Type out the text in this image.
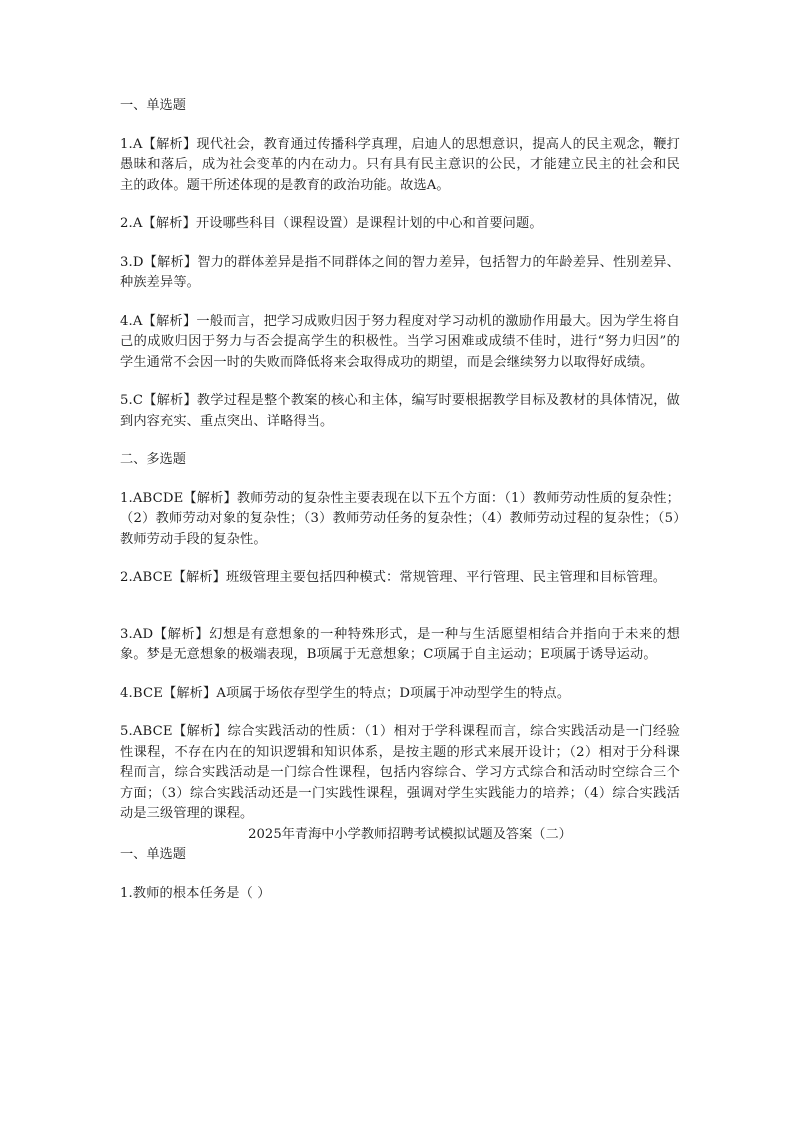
一、单选题

1.A【解析】现代社会，教育通过传播科学真理，启迪人的思想意识，提高人的民主观念，鞭打愚昧和落后，成为社会变革的内在动力。只有具有民主意识的公民，才能建立民主的社会和民主的政体。题干所述体现的是教育的政治功能。故选A。

2.A【解析】开设哪些科目（课程设置）是课程计划的中心和首要问题。

3.D【解析】智力的群体差异是指不同群体之间的智力差异，包括智力的年龄差异、性别差异、种族差异等。

4.A【解析】一般而言，把学习成败归因于努力程度对学习动机的激励作用最大。因为学生将自己的成败归因于努力与否会提高学生的积极性。当学习困难或成绩不佳时，进行“努力归因”的学生通常不会因一时的失败而降低将来会取得成功的期望，而是会继续努力以取得好成绩。

5.C【解析】教学过程是整个教案的核心和主体，编写时要根据教学目标及教材的具体情况，做到内容充实、重点突出、详略得当。

二、多选题

1.ABCDE【解析】教师劳动的复杂性主要表现在以下五个方面：（1）教师劳动性质的复杂性；（2）教师劳动对象的复杂性；（3）教师劳动任务的复杂性；（4）教师劳动过程的复杂性；（5）教师劳动手段的复杂性。

2.ABCE【解析】班级管理主要包括四种模式：常规管理、平行管理、民主管理和目标管理。

3.AD【解析】幻想是有意想象的一种特殊形式，是一种与生活愿望相结合并指向于未来的想象。梦是无意想象的极端表现，B项属于无意想象；C项属于自主运动；E项属于诱导运动。

4.BCE【解析】A项属于场依存型学生的特点；D项属于冲动型学生的特点。

5.ABCE【解析】综合实践活动的性质：（1）相对于学科课程而言，综合实践活动是一门经验性课程，不存在内在的知识逻辑和知识体系，是按主题的形式来展开设计；（2）相对于分科课程而言，综合实践活动是一门综合性课程，包括内容综合、学习方式综合和活动时空综合三个方面；（3）综合实践活动还是一门实践性课程，强调对学生实践能力的培养；（4）综合实践活动是三级管理的课程。

2025年青海中小学教师招聘考试模拟试题及答案（二）
一、单选题

1.教师的根本任务是（ ）
